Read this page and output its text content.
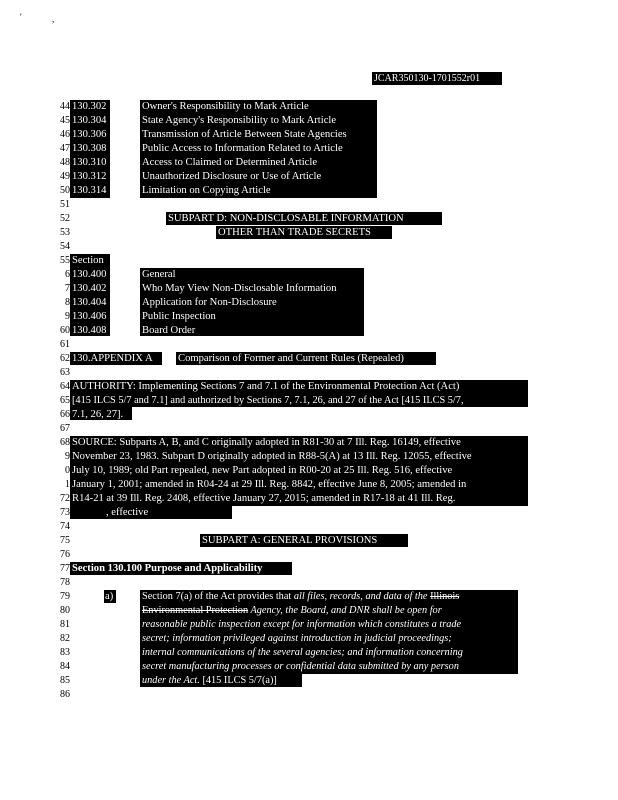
'	,
JCAR350130-1701552r01
44 130.302	Owner's Responsibility to Mark Article
45 130.304	State Agency's Responsibility to Mark Article
46 130.306	Transmission of Article Between State Agencies
47 130.308	Public Access to Information Related to Article
48 130.310	Access to Claimed or Determined Article
49 130.312	Unauthorized Disclosure or Use of Article
50 130.314	Limitation on Copying Article
51
52
53
SUBPART D: NON-DISCLOSABLE INFORMATION
OTHER THAN TRADE SECRETS
54
55 Section
6 130.400	General
7 130.402	Who May View Non-Disclosable Information
8 130.404	Application for Non-Disclosure
9 130.406	Public Inspection
60 130.408	Board Order
61
62 130.APPENDIX A Comparison of Former and Current Rules (Repealed)
63
64
65
66
AUTHORITY: Implementing Sections 7 and 7.1 of the Environmental Protection Act (Act)
[415 ILCS 5/7 and 7.1] and authorized by Sections 7, 7.1, 26, and 27 of the Act [415 ILCS 5/7,
7.1, 26, 27].
67
68
9
0
1
72
73
SOURCE: Subparts A, B, and C originally adopted in R81-30 at 7 Ill. Reg. 16149, effective
November 23, 1983. Subpart D originally adopted in R88-5(A) at 13 Ill. Reg. 12055, effective
July 10, 1989; old Part repealed, new Part adopted in R00-20 at 25 Ill. Reg. 516, effective
January 1, 2001; amended in R04-24 at 29 Ill. Reg. 8842, effective June 8, 2005; amended in
R14-21 at 39 Ill. Reg. 2408, effective January 27, 2015; amended in R17-18 at 41 Ill. Reg.
, effective
74
75	SUBPART A: GENERAL PROVISIONS
76
77 Section 130.100 Purpose and Applicability
78
79
80
81
82
83
84
85
86
a)	Section 7(a) of the Act provides that all files, records, and data of the Illinois
Environmental Protection Agency, the Board, and DNR shall be open for
reasonable public inspection except for information which constitutes a trade
secret; information privileged against introduction in judicial proceedings;
internal communications of the several agencies; and information concerning
secret manufacturing processes or confidential data submitted by any person
under the Act. [415 ILCS 5/7(a)]
